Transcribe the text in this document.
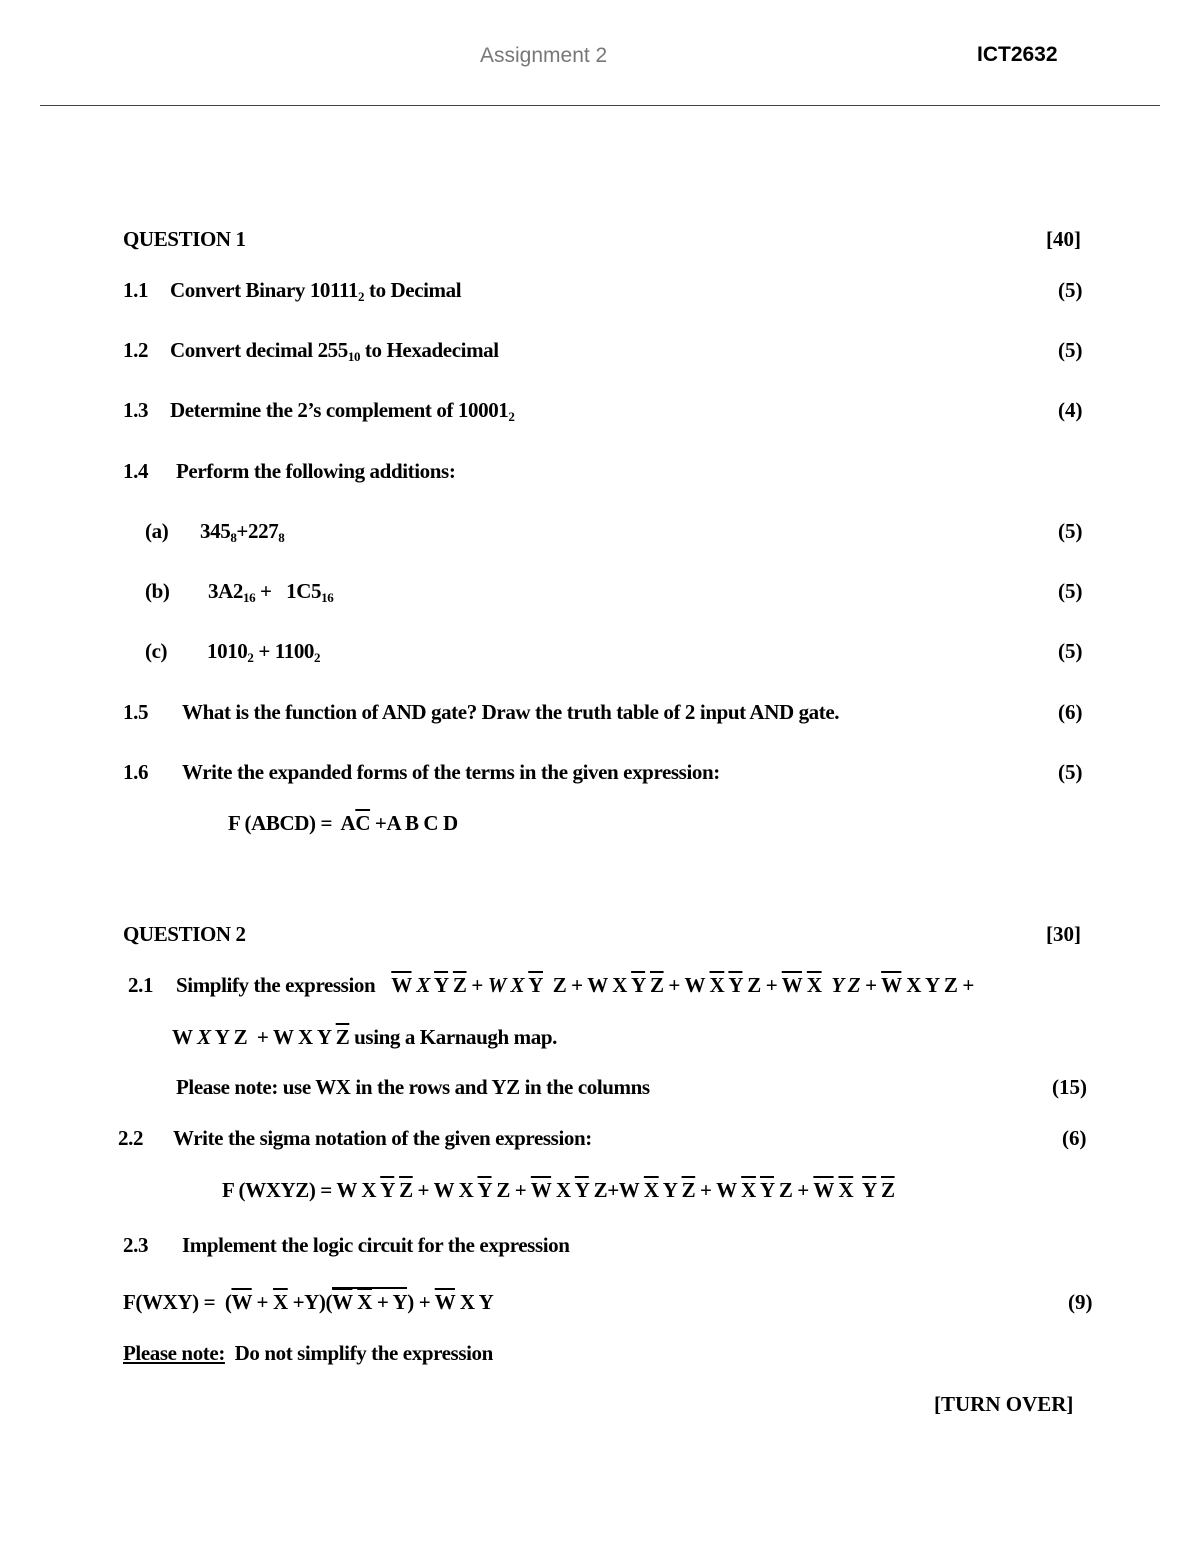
Assignment 2	ICT2632
QUESTION 1	[40]
1.1 Convert Binary $10111_2$ to Decimal	(5)
1.2 Convert decimal $255_{10}$ to Hexadecimal	(5)
1.3 Determine the 2’s complement of $10001_2$	(4)
1.4 Perform the following additions:
(a) $345_8+227_8$	(5)
(b) $3A2_{16} + 1C5_{16}$	(5)
(c) $1010_2 + 1100_2$	(5)
1.5 What is the function of AND gate? Draw the truth table of 2 input AND gate.	(6)
1.6 Write the expanded forms of the terms in the given expression:	(5)
F (ABCD) =  $A\overline{C} +A$ B C D
QUESTION 2	[30]
2.1 Simplify the expression $\overline{W}$ X $\overline{Y}$ $\overline{Z} + W$ X $\overline{Y}$  Z + W X $\overline{Y}$ $\overline{Z} + W$ $\overline{X}$ $\overline{Y}$ $Z + \overline{W}$ $\overline{X}$ Y $Z + \overline{W}$ X Y Z +
W X Y Z  + W X Y $\overline{Z}$ using a Karnaugh map.
Please note: use WX in the rows and YZ in the columns	(15)
2.2 Write the sigma notation of the given expression:	(6)
F (WXYZ) = W X $\overline{Y}$ $\overline{Z} + W$ X $\overline{Y}$ $Z + \overline{W}$ X $\overline{Y}$ Z+W $\overline{X}$ Y $\overline{Z} + W$ $\overline{X}$ $\overline{Y}$ $Z + \overline{W}$ $\overline{X}$ $\overline{Y}$ $\overline{Z}$
2.3 Implement the logic circuit for the expression
$F(WXY) = (\overline{W} + \overline{X} +Y)(\overline{W}$ $\overline{X} + Y) + \overline{W}$ X Y	(9)
Please note:  Do not simplify the expression
[TURN OVER]
